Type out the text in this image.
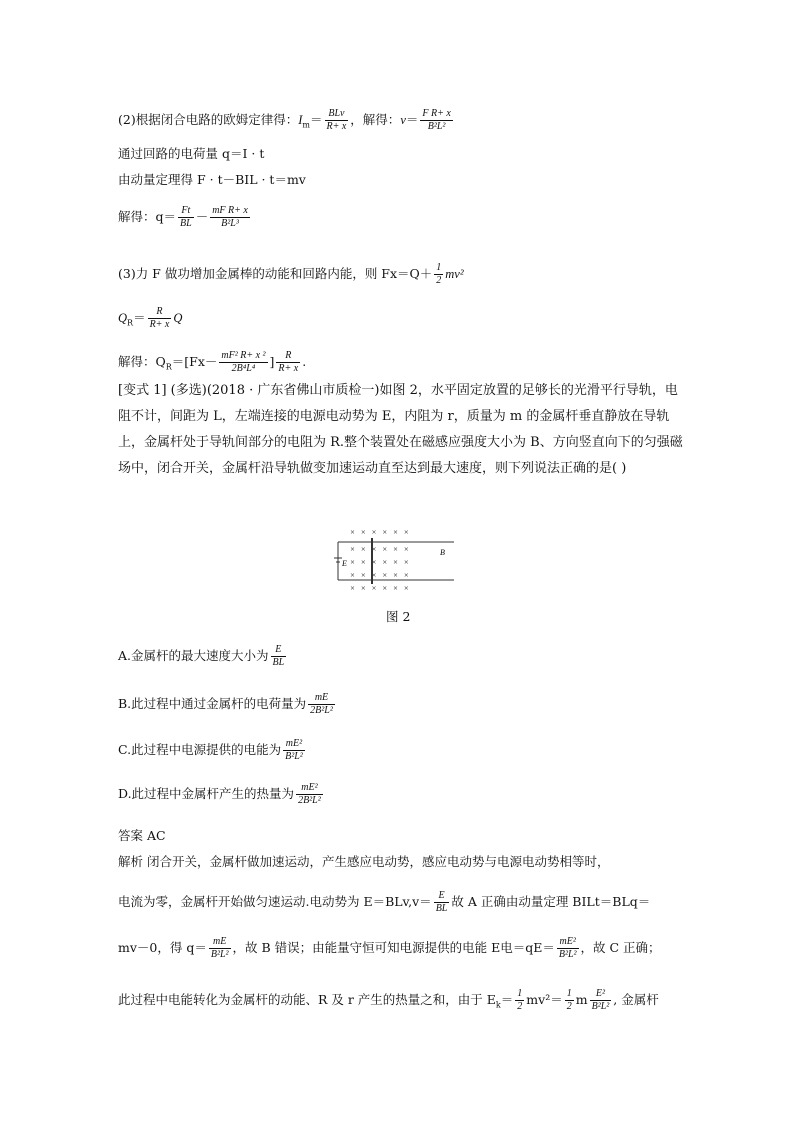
(2)根据闭合电路的欧姆定律得：$I_m= \frac{\text{BLv}}{R+ x}$ ，解得：$v= \frac{\text{F R+ x}}{\text{B²L²}}$
通过回路的电荷量 q＝I · t
由动量定理得 F · t－BIL · t＝mv
解得：$q= \frac{Ft}{BL} - \frac{\text{mF R+ x}}{\text{B²L³}}$
(3)力 F 做功增加金属棒的动能和回路内能，则 $Fx=Q+ \frac{1}{2} mv^2$
$Q_R= \frac{R}{R+ x}$ Q
解得：$Q_R=[Fx- \frac{\text{mF² R+ x ²}}{\text{2B⁴L⁴}}$ ] $\frac{R}{R+ x}$ .
[变式 1] (多选)(2018 · 广东省佛山市质检一)如图 2，水平固定放置的足够长的光滑平行导轨，电阻不计，间距为 L，左端连接的电源电动势为 E，内阻为 r，质量为 m 的金属杆垂直静放在导轨上，金属杆处于导轨间部分的电阻为 R.整个装置处在磁感应强度大小为 B、方向竖直向下的匀强磁场中，闭合开关，金属杆沿导轨做变加速运动直至达到最大速度，则下列说法正确的是( )
×   ×   ×   ×   ×   ×
×   ×   ×   ×   ×   ×
×   ×   ×   ×   ×   ×
×   ×   ×   ×   ×   ×
×   ×   ×   ×   ×   ×
E
B
图 2
A.金属杆的最大速度大小为 $\frac{E}{BL}$
B.此过程中通过金属杆的电荷量为 $\frac{mE}{\text{2B²L²}}$
C.此过程中电源提供的电能为 $\frac{\text{mE²}}{\text{B²L²}}$
D.此过程中金属杆产生的热量为 $\frac{\text{mE²}}{\text{2B²L²}}$
答案 AC
解析 闭合开关，金属杆做加速运动，产生感应电动势，感应电动势与电源电动势相等时，
电流为零，金属杆开始做匀速运动.电动势为 $E=BLv,v= \frac{E}{BL}$ 故 A 正确由动量定理 BILt＝BLq＝
mv－0，得 $q= \frac{mE}{\text{B²L²}}$ ，故 B 错误；由能量守恒可知电源提供的电能 E电$=qE= \frac{\text{mE²}}{\text{B²L²}}$ ，故 C 正确；
此过程中电能转化为金属杆的动能、R 及 r 产生的热量之和，由于 $E_k= \frac{1}{2} mv^2= \frac{1}{2}$ m $\frac{\text{E²}}{\text{B²L²}}$ , 金属杆
